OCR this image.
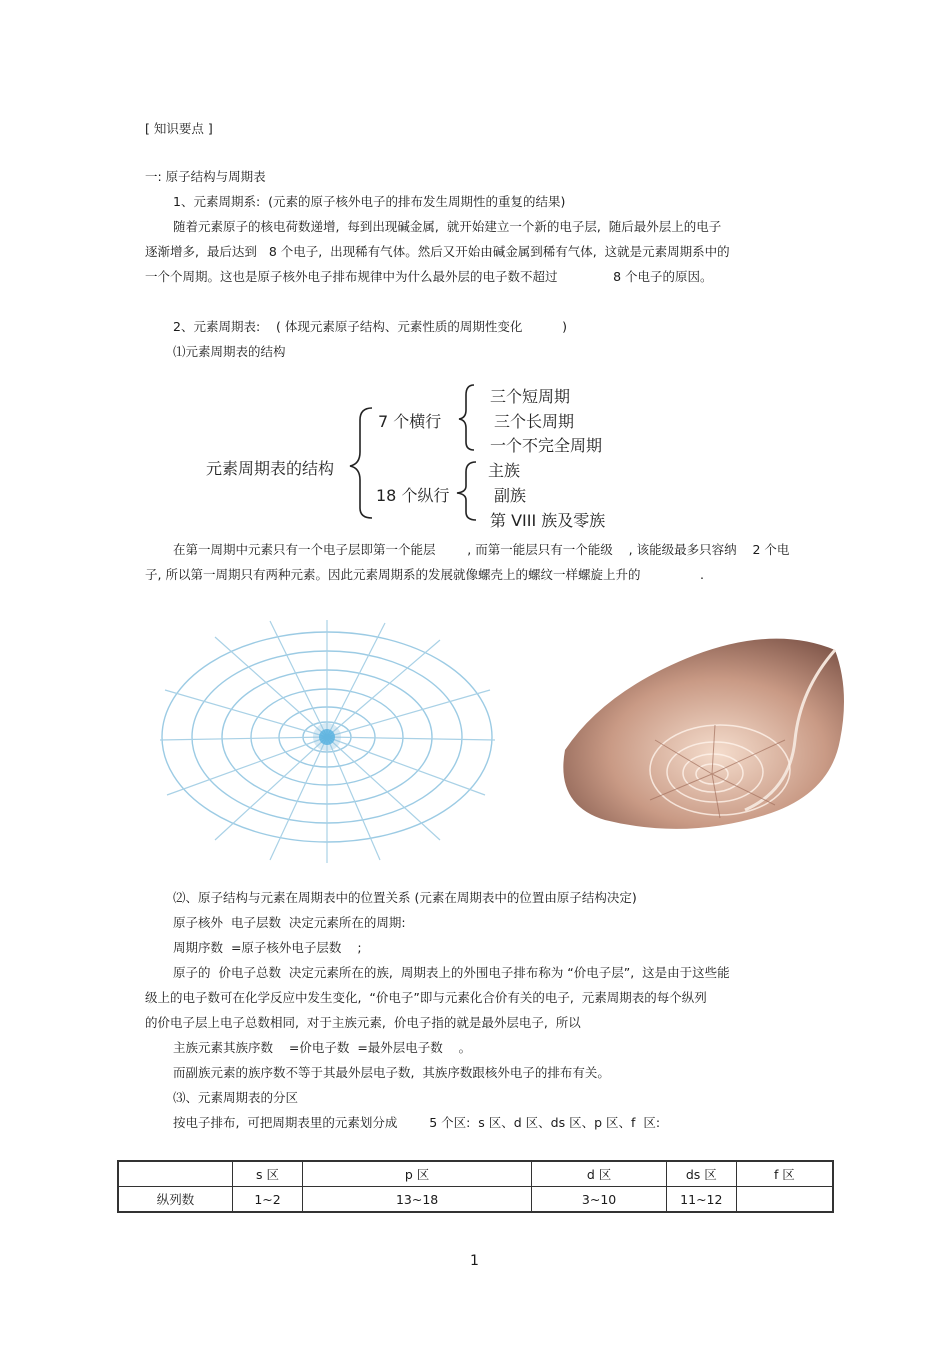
[ 知识要点 ]
一: 原子结构与周期表
1、元素周期系:  (元素的原子核外电子的排布发生周期性的重复的结果)
随着元素原子的核电荷数递增,  每到出现碱金属,  就开始建立一个新的电子层,  随后最外层上的电子
逐渐增多,  最后达到   8 个电子,  出现稀有气体。然后又开始由碱金属到稀有气体,  这就是元素周期系中的
一个个周期。这也是原子核外电子排布规律中为什么最外层的电子数不超过              8 个电子的原因。
2、元素周期表:    ( 体现元素原子结构、元素性质的周期性变化          )
⑴元素周期表的结构
元素周期表的结构
7 个横行
18 个纵行
三个短周期
三个长周期
一个不完全周期
主族
副族
第 VIII 族及零族
在第一周期中元素只有一个电子层即第一个能层        , 而第一能层只有一个能级    , 该能级最多只容纳    2 个电
子, 所以第一周期只有两种元素。因此元素周期系的发展就像螺壳上的螺纹一样螺旋上升的               .
⑵、原子结构与元素在周期表中的位置关系 (元素在周期表中的位置由原子结构决定)
原子核外  电子层数  决定元素所在的周期:
周期序数  =原子核外电子层数    ;
原子的  价电子总数  决定元素所在的族,  周期表上的外围电子排布称为 “价电子层”,  这是由于这些能
级上的电子数可在化学反应中发生变化,  “价电子”即与元素化合价有关的电子,  元素周期表的每个纵列
的价电子层上电子总数相同,  对于主族元素,  价电子指的就是最外层电子,  所以
主族元素其族序数    =价电子数  =最外层电子数    。
而副族元素的族序数不等于其最外层电子数,  其族序数跟核外电子的排布有关。
⑶、元素周期表的分区
按电子排布,  可把周期表里的元素划分成        5 个区:  s 区、d 区、ds 区、p 区、f  区:
	s 区	p 区	d 区	ds 区	f 区
纵列数	1~2	13~18	3~10	11~12	
1
